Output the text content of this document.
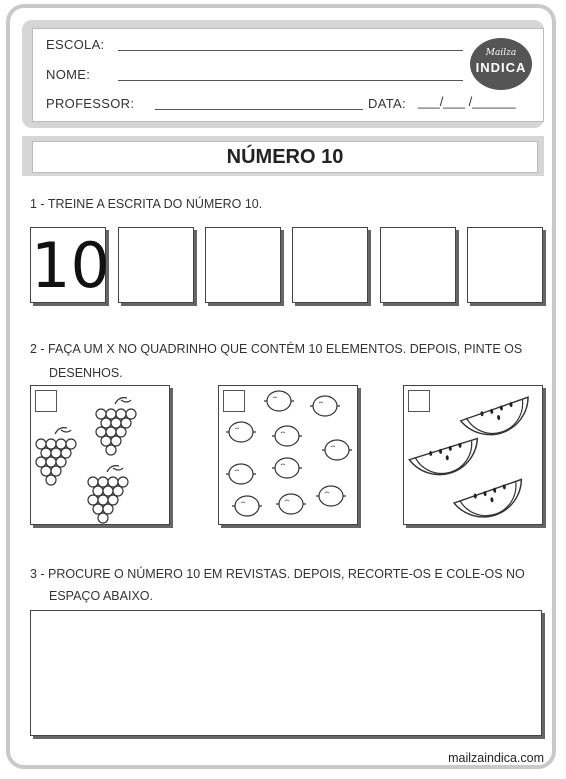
ESCOLA:
NOME:
PROFESSOR:	DATA: ___/___ /______
Mailza
INDICA
NÚMERO 10
1 - TREINE A ESCRITA DO NÚMERO 10.
10
2 - FAÇA UM X NO QUADRINHO QUE CONTÉM 10 ELEMENTOS. DEPOIS, PINTE OS
DESENHOS.
3 - PROCURE O NÚMERO 10 EM REVISTAS. DEPOIS, RECORTE-OS E COLE-OS NO
ESPAÇO ABAIXO.
mailzaindica.com
